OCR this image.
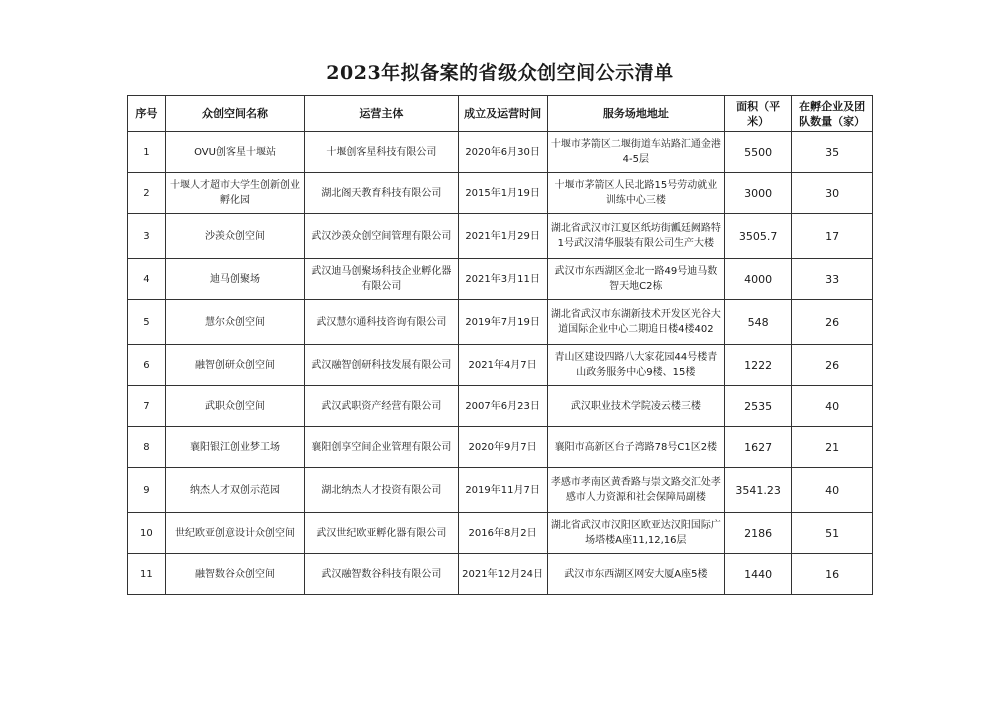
2023年拟备案的省级众创空间公示清单
序号	众创空间名称	运营主体	成立及运营时间	服务场地地址	面积（平米）	在孵企业及团队数量（家）
1	OVU创客星十堰站	十堰创客星科技有限公司	2020年6月30日	十堰市茅箭区二堰街道车站路汇通金港4-5层	5500	35
2	十堰人才超市大学生创新创业孵化园	湖北阁天教育科技有限公司	2015年1月19日	十堰市茅箭区人民北路15号劳动就业训练中心三楼	3000	30
3	沙羡众创空间	武汉沙羡众创空间管理有限公司	2021年1月29日	湖北省武汉市江夏区纸坊街瓤廷阙路特1号武汉清华服装有限公司生产大楼	3505.7	17
4	迪马创聚场	武汉迪马创聚场科技企业孵化器有限公司	2021年3月11日	武汉市东西湖区金北一路49号迪马数智天地C2栋	4000	33
5	慧尔众创空间	武汉慧尔通科技咨询有限公司	2019年7月19日	湖北省武汉市东湖新技术开发区光谷大道国际企业中心二期追日楼4楼402	548	26
6	融智创研众创空间	武汉融智创研科技发展有限公司	2021年4月7日	青山区建设四路八大家花园44号楼青山政务服务中心9楼、15楼	1222	26
7	武职众创空间	武汉武职资产经营有限公司	2007年6月23日	武汉职业技术学院凌云楼三楼	2535	40
8	襄阳银江创业梦工场	襄阳创享空间企业管理有限公司	2020年9月7日	襄阳市高新区台子湾路78号C1区2楼	1627	21
9	纳杰人才双创示范园	湖北纳杰人才投资有限公司	2019年11月7日	孝感市孝南区黄香路与崇文路交汇处孝感市人力资源和社会保障局副楼	3541.23	40
10	世纪欧亚创意设计众创空间	武汉世纪欧亚孵化器有限公司	2016年8月2日	湖北省武汉市汉阳区欧亚达汉阳国际广场塔楼A座11,12,16层	2186	51
11	融智数谷众创空间	武汉融智数谷科技有限公司	2021年12月24日	武汉市东西湖区网安大厦A座5楼	1440	16
